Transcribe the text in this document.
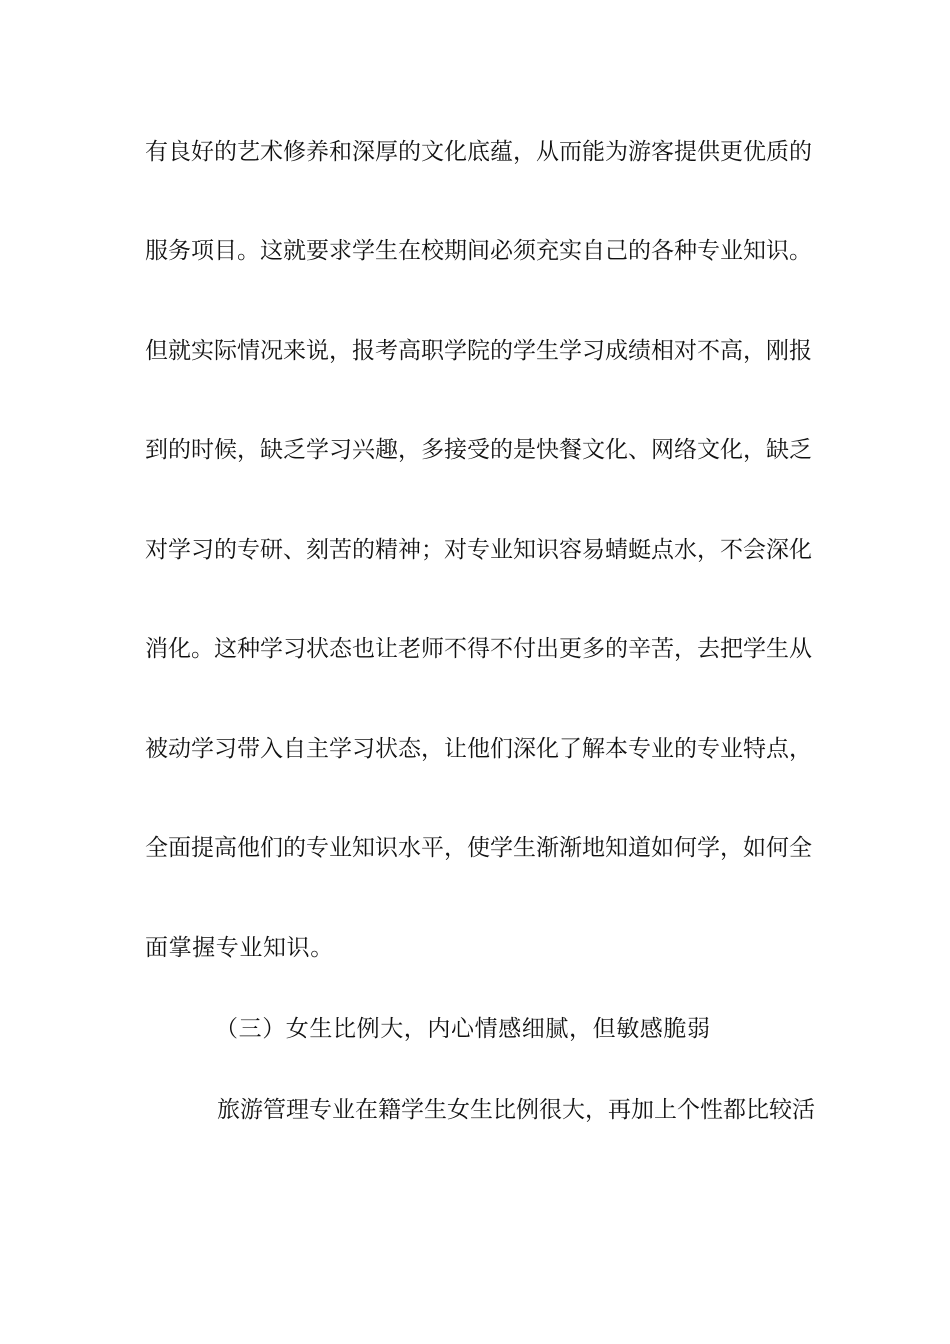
有良好的艺术修养和深厚的文化底蕴，从而能为游客提供更优质的
服务项目。这就要求学生在校期间必须充实自己的各种专业知识。
但就实际情况来说，报考高职学院的学生学习成绩相对不高，刚报
到的时候，缺乏学习兴趣，多接受的是快餐文化、网络文化，缺乏
对学习的专研、刻苦的精神；对专业知识容易蜻蜓点水，不会深化
消化。这种学习状态也让老师不得不付出更多的辛苦，去把学生从
被动学习带入自主学习状态，让他们深化了解本专业的专业特点，
全面提高他们的专业知识水平，使学生渐渐地知道如何学，如何全
面掌握专业知识。
（三）女生比例大，内心情感细腻，但敏感脆弱
旅游管理专业在籍学生女生比例很大，再加上个性都比较活
